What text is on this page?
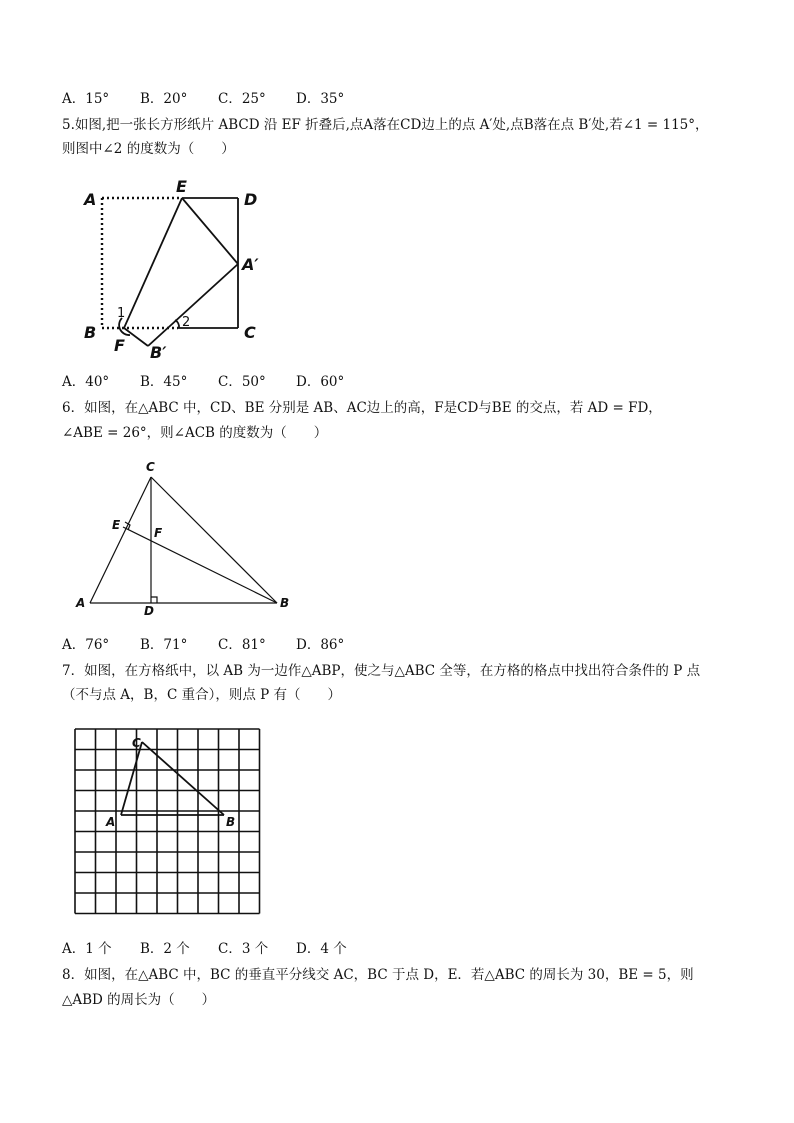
A．15° B．20° C．25° D．35°
5.如图,把一张长方形纸片 ABCD 沿 EF 折叠后,点A落在CD边上的点 A′处,点B落在点 B′处,若∠1 = 115°，
则图中∠2 的度数为（　　）
A
E
D
A′
B
F B′
C
1
2
A．40° B．45° C．50° D．60°
6．如图，在△ABC 中，CD、BE 分别是 AB、AC边上的高，F是CD与BE 的交点，若 AD = FD，
∠ABE = 26°，则∠ACB 的度数为（　　）
C
E
F
A
D
B
A．76° B．71° C．81° D．86°
7．如图，在方格纸中，以 AB 为一边作△ABP，使之与△ABC 全等，在方格的格点中找出符合条件的 P 点
（不与点 A，B，C 重合），则点 P 有（　　）
C
A	B
A．1 个 B．2 个 C．3 个 D．4 个
8．如图，在△ABC 中，BC 的垂直平分线交 AC，BC 于点 D，E．若△ABC 的周长为 30，BE = 5，则
△ABD 的周长为（　　）
